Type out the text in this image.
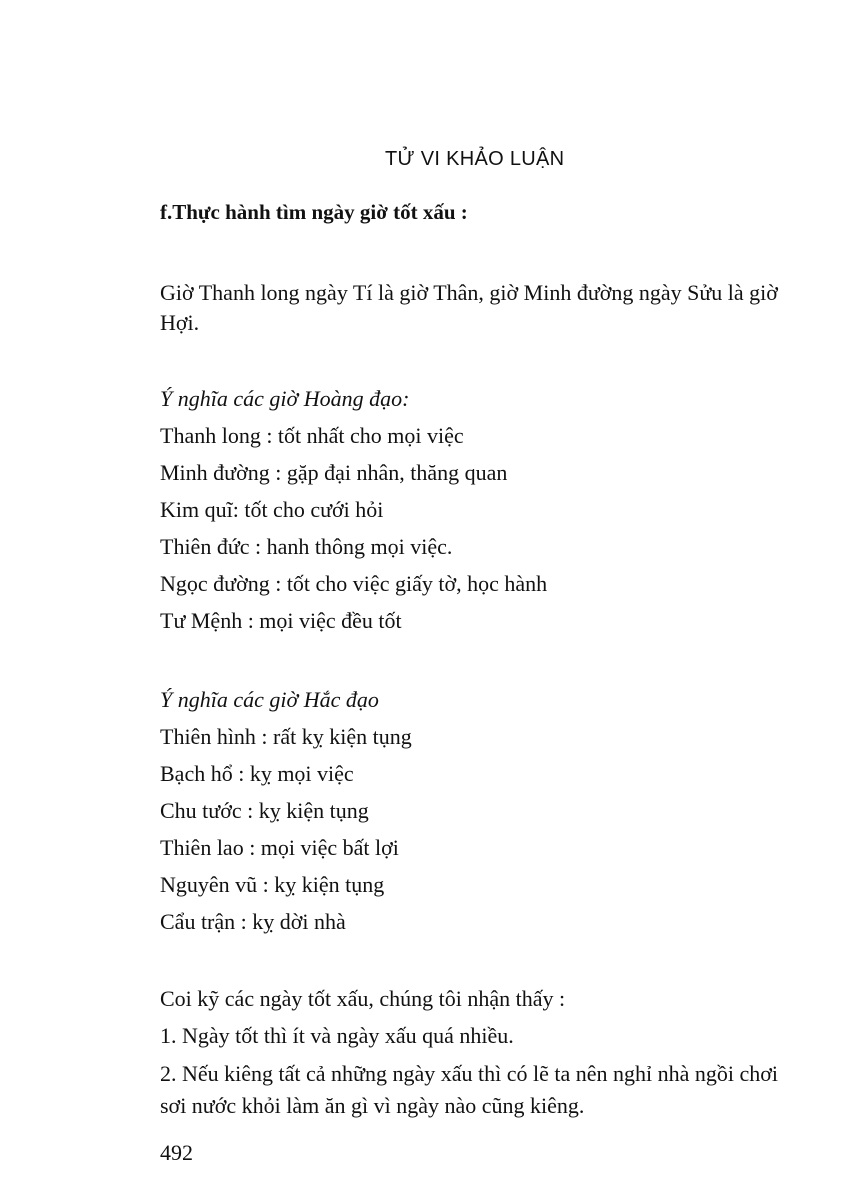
TỬ VI KHẢO LUẬN
f.Thực hành tìm ngày giờ tốt xấu :

Giờ Thanh long ngày Tí là giờ Thân, giờ Minh đường ngày Sửu là giờ Hợi.

Ý nghĩa các giờ Hoàng đạo:
Thanh long : tốt nhất cho mọi việc
Minh đường : gặp đại nhân, thăng quan
Kim quĩ: tốt cho cưới hỏi
Thiên đức : hanh thông mọi việc.
Ngọc đường : tốt cho việc giấy tờ, học hành
Tư Mệnh : mọi việc đều tốt
Ý nghĩa các giờ Hắc đạo
Thiên hình : rất kỵ kiện tụng
Bạch hổ : kỵ mọi việc
Chu tước : kỵ kiện tụng
Thiên lao : mọi việc bất lợi
Nguyên vũ : kỵ kiện tụng
Cẩu trận : kỵ dời nhà
Coi kỹ các ngày tốt xấu, chúng tôi nhận thấy :
1. Ngày tốt thì ít và ngày xấu quá nhiều.
2. Nếu kiêng tất cả những ngày xấu thì có lẽ ta nên nghỉ nhà ngồi chơi sơi nước khỏi làm ăn gì vì ngày nào cũng kiêng.
492
